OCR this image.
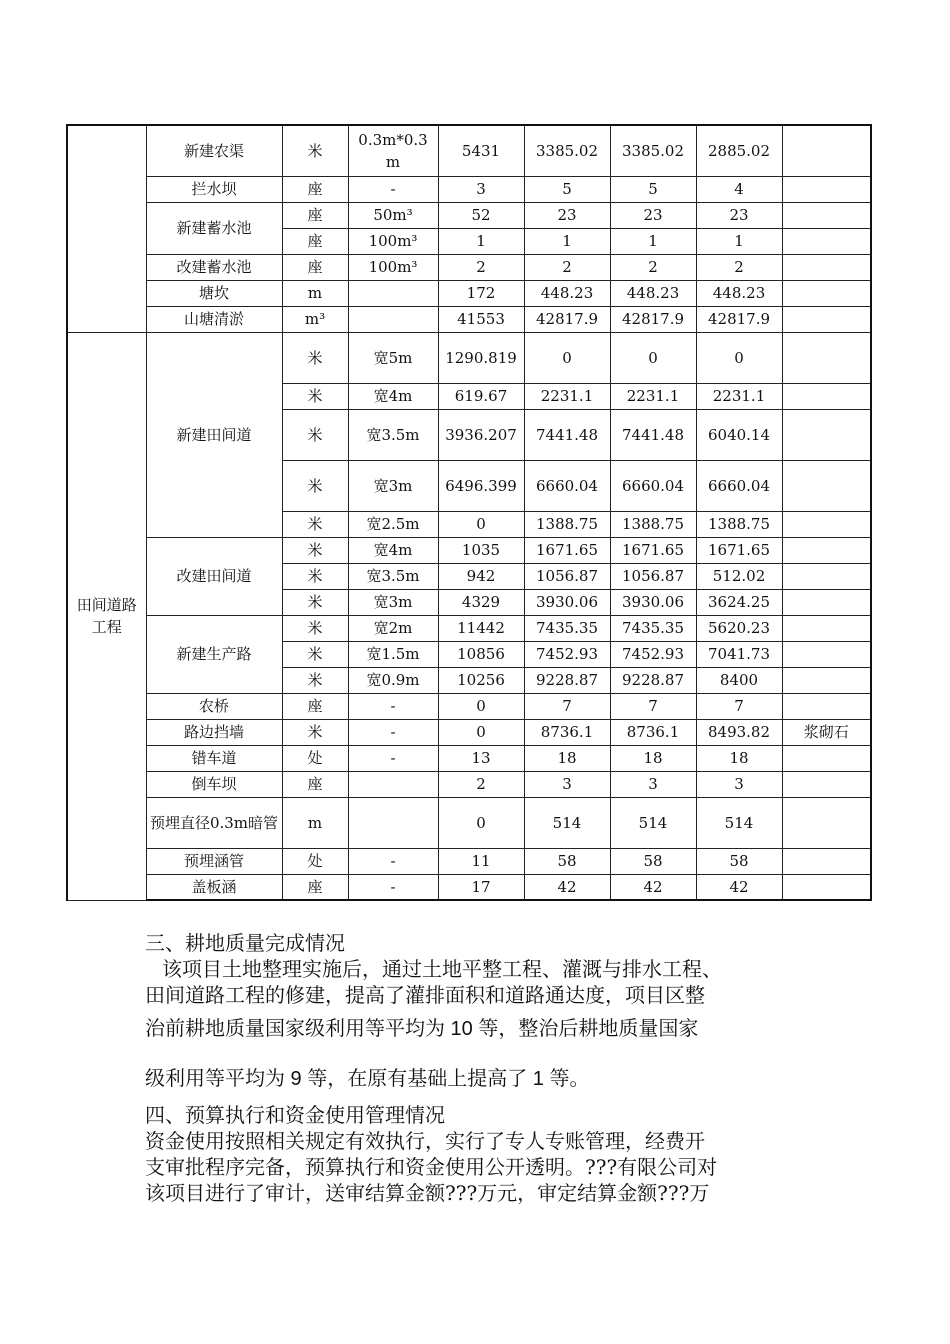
	新建农渠	米	0.3m*0.3m	5431	3385.02	3385.02	2885.02	
	拦水坝	座	-	3	5	5	4	
	新建蓄水池	座	50m³	52	23	23	23	
		座	100m³	1	1	1	1	
	改建蓄水池	座	100m³	2	2	2	2	
	塘坎	m		172	448.23	448.23	448.23	
	山塘清淤	m³		41553	42817.9	42817.9	42817.9	
田间道路工程	新建田间道	米	宽5m	1290.819	0	0	0	
		米	宽4m	619.67	2231.1	2231.1	2231.1	
		米	宽3.5m	3936.207	7441.48	7441.48	6040.14	
		米	宽3m	6496.399	6660.04	6660.04	6660.04	
		米	宽2.5m	0	1388.75	1388.75	1388.75	
	改建田间道	米	宽4m	1035	1671.65	1671.65	1671.65	
		米	宽3.5m	942	1056.87	1056.87	512.02	
		米	宽3m	4329	3930.06	3930.06	3624.25	
	新建生产路	米	宽2m	11442	7435.35	7435.35	5620.23	
		米	宽1.5m	10856	7452.93	7452.93	7041.73	
		米	宽0.9m	10256	9228.87	9228.87	8400	
	农桥	座	-	0	7	7	7	
	路边挡墙	米	-	0	8736.1	8736.1	8493.82	浆砌石
	错车道	处	-	13	18	18	18	
	倒车坝	座		2	3	3	3	
	预埋直径0.3m暗管	m		0	514	514	514	
	预埋涵管	处	-	11	58	58	58	
	盖板涵	座	-	17	42	42	42	
三、耕地质量完成情况
该项目土地整理实施后，通过土地平整工程、灌溉与排水工程、
田间道路工程的修建，提高了灌排面积和道路通达度，项目区整
治前耕地质量国家级利用等平均为 10 等，整治后耕地质量国家
级利用等平均为 9 等，在原有基础上提高了 1 等。
四、预算执行和资金使用管理情况
资金使用按照相关规定有效执行，实行了专人专账管理，经费开
支审批程序完备，预算执行和资金使用公开透明。???有限公司对
该项目进行了审计，送审结算金额???万元，审定结算金额???万
